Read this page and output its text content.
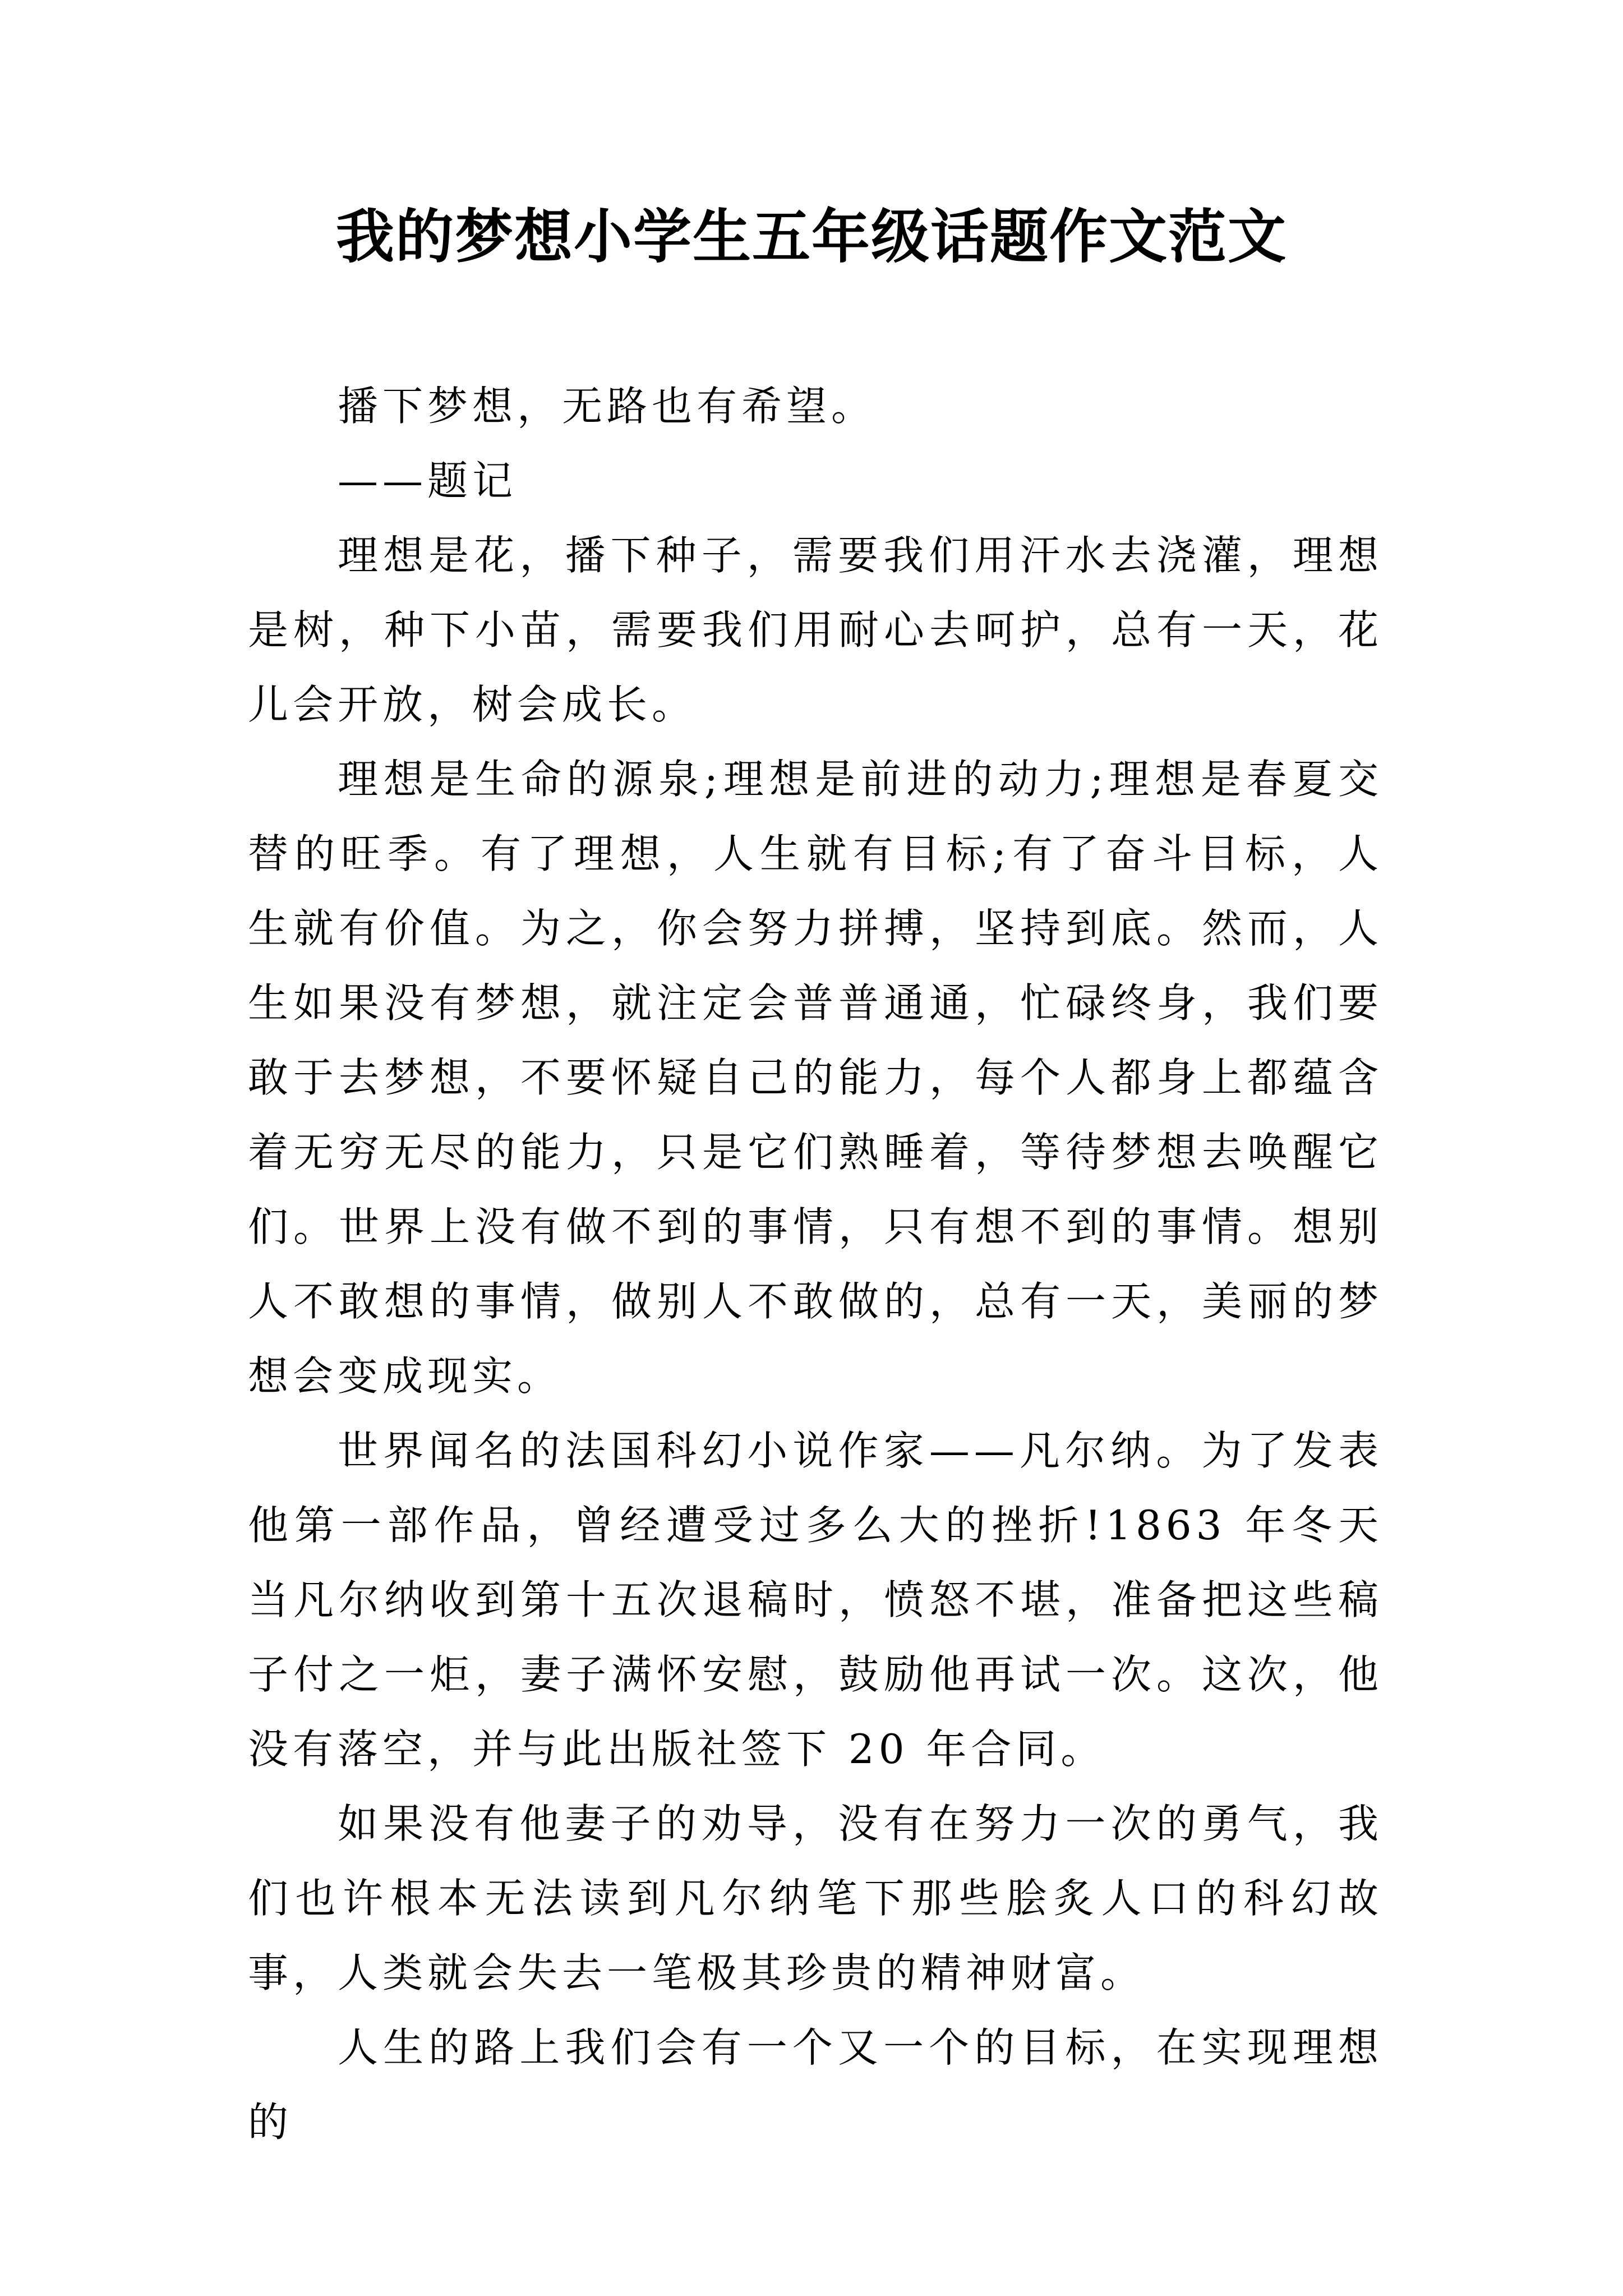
我的梦想小学生五年级话题作文范文

播下梦想，无路也有希望。

——题记

理想是花，播下种子，需要我们用汗水去浇灌，理想是树，种下小苗，需要我们用耐心去呵护，总有一天，花儿会开放，树会成长。

理想是生命的源泉;理想是前进的动力;理想是春夏交替的旺季。有了理想，人生就有目标;有了奋斗目标，人生就有价值。为之，你会努力拼搏，坚持到底。然而，人生如果没有梦想，就注定会普普通通，忙碌终身，我们要敢于去梦想，不要怀疑自己的能力，每个人都身上都蕴含着无穷无尽的能力，只是它们熟睡着，等待梦想去唤醒它们。世界上没有做不到的事情，只有想不到的事情。想别人不敢想的事情，做别人不敢做的，总有一天，美丽的梦想会变成现实。

世界闻名的法国科幻小说作家——凡尔纳。为了发表他第一部作品，曾经遭受过多么大的挫折!1863 年冬天当凡尔纳收到第十五次退稿时，愤怒不堪，准备把这些稿子付之一炬，妻子满怀安慰，鼓励他再试一次。这次，他没有落空，并与此出版社签下 20 年合同。

如果没有他妻子的劝导，没有在努力一次的勇气，我们也许根本无法读到凡尔纳笔下那些脍炙人口的科幻故事，人类就会失去一笔极其珍贵的精神财富。

人生的路上我们会有一个又一个的目标，在实现理想的
